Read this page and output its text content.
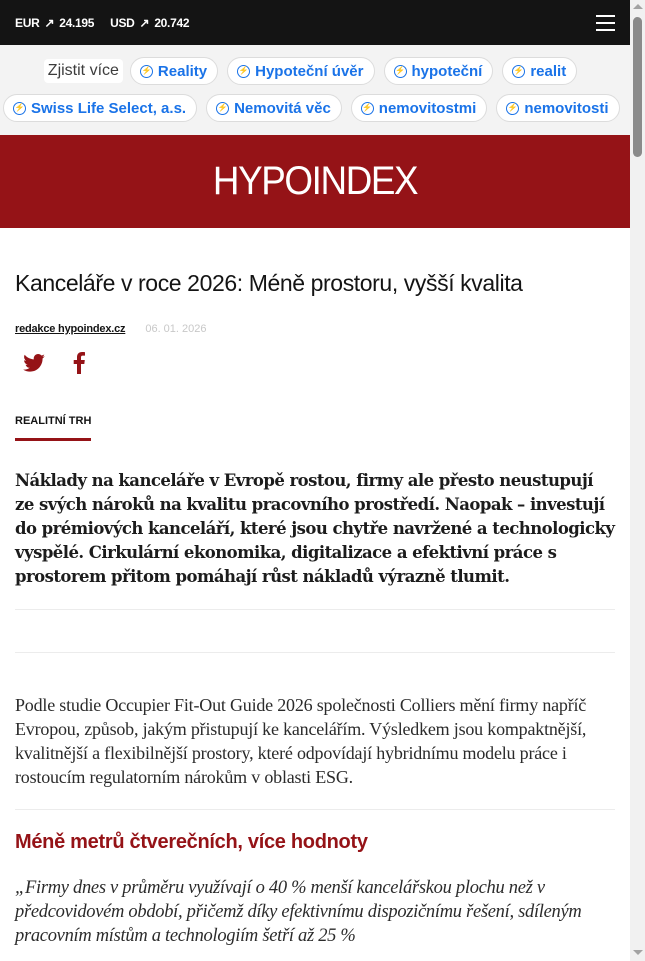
EUR ↗ 24.195 USD ↗ 20.742
Zjistit více	⚡ Reality	⚡ Hypoteční úvěr	⚡ hypoteční	⚡ realit
⚡ Swiss Life Select, a.s.	⚡ Nemovitá věc	⚡ nemovitostmi	⚡ nemovitosti
HYPOINDEX
Kanceláře v roce 2026: Méně prostoru, vyšší kvalita
redakce hypoindex.cz 06. 01. 2026
REALITNÍ TRH

Náklady na kanceláře v Evropě rostou, firmy ale přesto neustupují ze svých nároků na kvalitu pracovního prostředí. Naopak – investují do prémiových kanceláří, které jsou chytře navržené a technologicky vyspělé. Cirkulární ekonomika, digitalizace a efektivní práce s prostorem přitom pomáhají růst nákladů výrazně tlumit.

Podle studie Occupier Fit-Out Guide 2026 společnosti Colliers mění firmy napříč Evropou, způsob, jakým přistupují ke kancelářím. Výsledkem jsou kompaktnější, kvalitnější a flexibilnější prostory, které odpovídají hybridnímu modelu práce i rostoucím regulatorním nárokům v oblasti ESG.

Méně metrů čtverečních, více hodnoty

„Firmy dnes v průměru využívají o 40 % menší kancelářskou plochu než v předcovidovém období, přičemž díky efektivnímu dispozičnímu řešení, sdíleným pracovním místům a technologiím šetří až 25 %
